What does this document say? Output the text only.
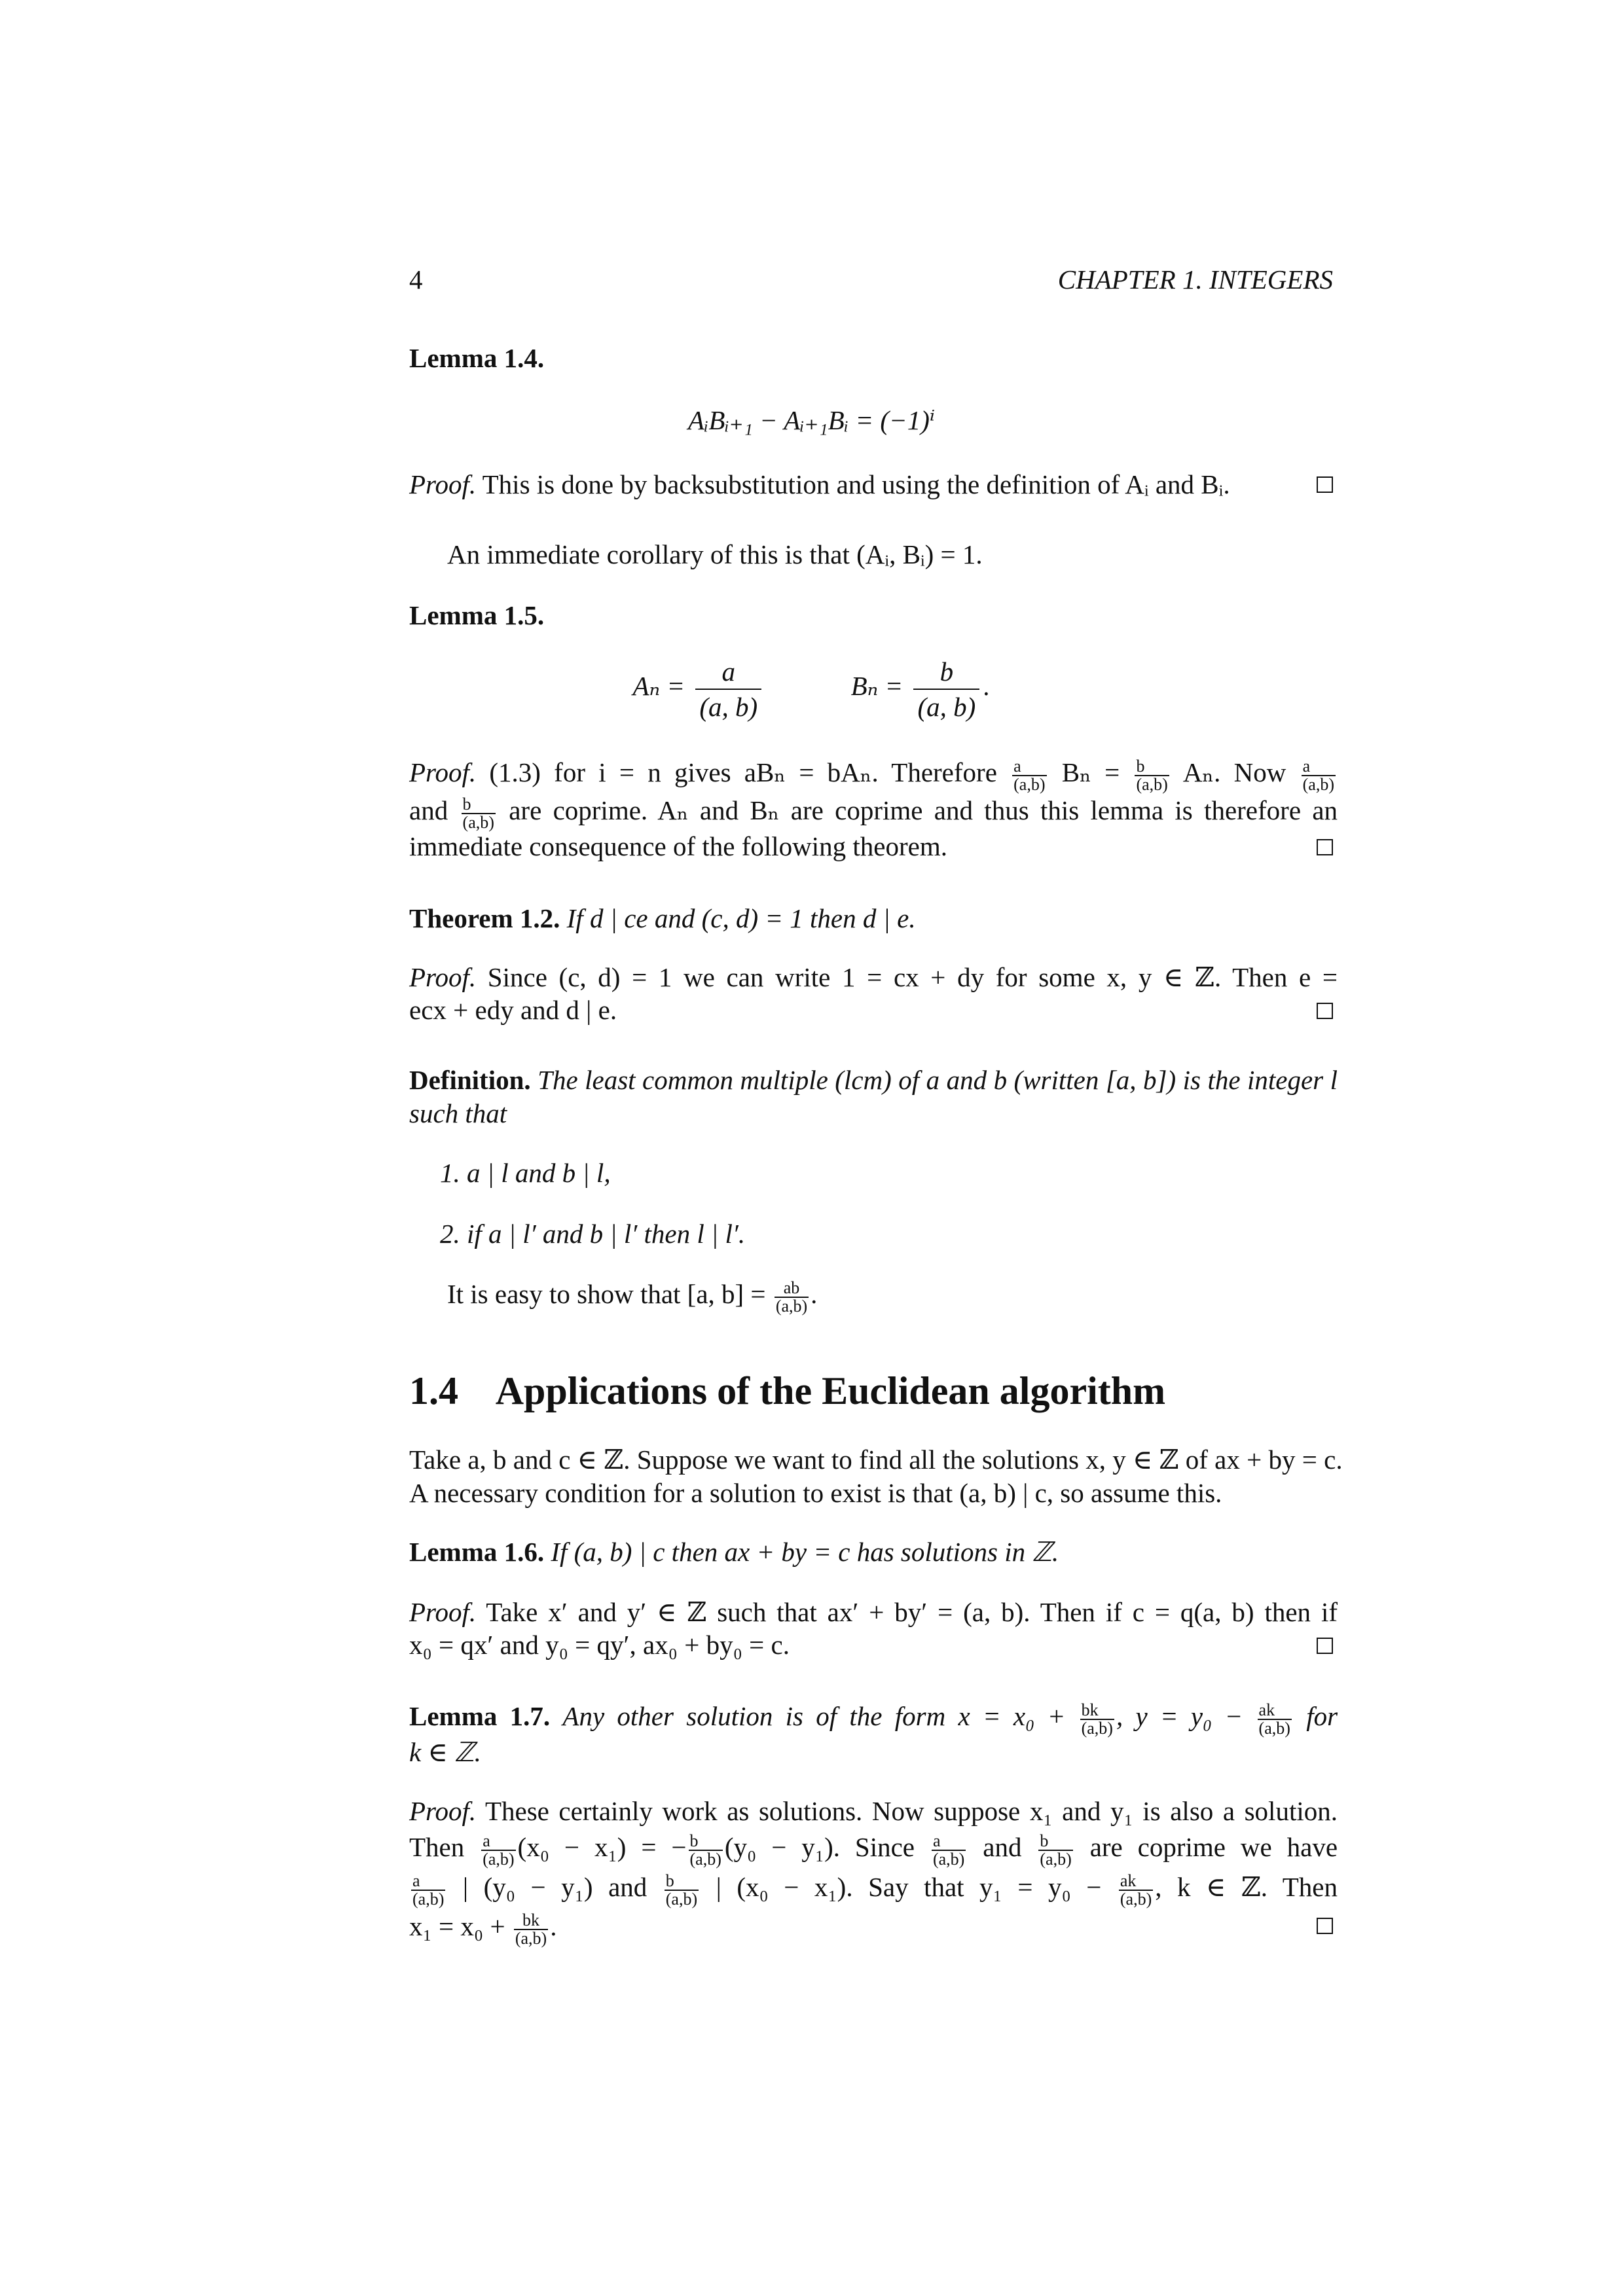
4	CHAPTER 1. INTEGERS
Lemma 1.4.
AᵢBᵢ₊₁ − Aᵢ₊₁Bᵢ = (−1)ⁱ
Proof. This is done by backsubstitution and using the definition of Aᵢ and Bᵢ.
An immediate corollary of this is that (Aᵢ, Bᵢ) = 1.
Lemma 1.5.
$A_n = \frac{a}{(a, b)}$	$B_n = \frac{b}{(a, b)}$ .
Proof. (1.3) for i = n gives aBₙ = bAₙ. Therefore $\frac{a}{(a,b)}$ $B_n = \frac{b}{(a,b)} A_n$. Now $\frac{a}{(a,b)}$
and $\frac{b}{(a,b)}$ are coprime. Aₙ and Bₙ are coprime and thus this lemma is therefore an
immediate consequence of the following theorem.
Theorem 1.2. If d | ce and (c, d) = 1 then d | e.
Proof. Since (c, d) = 1 we can write 1 = cx + dy for some x, y ∈ ℤ. Then e =
ecx + edy and d | e.
Definition. The least common multiple (lcm) of a and b (written [a, b]) is the integer l
such that
1. a | l and b | l,
2. if a | l′ and b | l′ then l | l′.
It is easy to show that [a, $b] = \frac{ab}{(a,b)}$ .
1.4 Applications of the Euclidean algorithm
Take a, b and c ∈ ℤ. Suppose we want to find all the solutions x, y ∈ ℤ of ax + by = c.
A necessary condition for a solution to exist is that (a, b) | c, so assume this.
Lemma 1.6. If (a, b) | c then ax + by = c has solutions in ℤ.
Proof. Take x′ and y′ ∈ ℤ such that ax′ + by′ = (a, b). Then if c = q(a, b) then if
x₀ = qx′ and y₀ = qy′, ax₀ + by₀ = c.
Lemma 1.7. Any other solution is of the form $x = x_0 + \frac{bk}{(a,b)}$ , $y = y_0 - \frac{ak}{(a,b)}$ for
k ∈ ℤ.
Proof. These certainly work as solutions. Now suppose x₁ and y₁ is also a solution.
Then $\frac{a}{(a,b)} (x_0 - x_1)$ = − $\frac{b}{(a,b)} (y_0 - y_1)$. Since $\frac{a}{(a,b)}$ and $\frac{b}{(a,b)}$ are coprime we have
$\frac{a}{(a,b)}$ | (y₀ − y₁) and $\frac{b}{(a,b)}$ | (x₀ − x₁). Say that $y_1 = y_0 - \frac{ak}{(a,b)}$ , k ∈ ℤ. Then
$x_1 = x_0 + \frac{bk}{(a,b)}$ .
